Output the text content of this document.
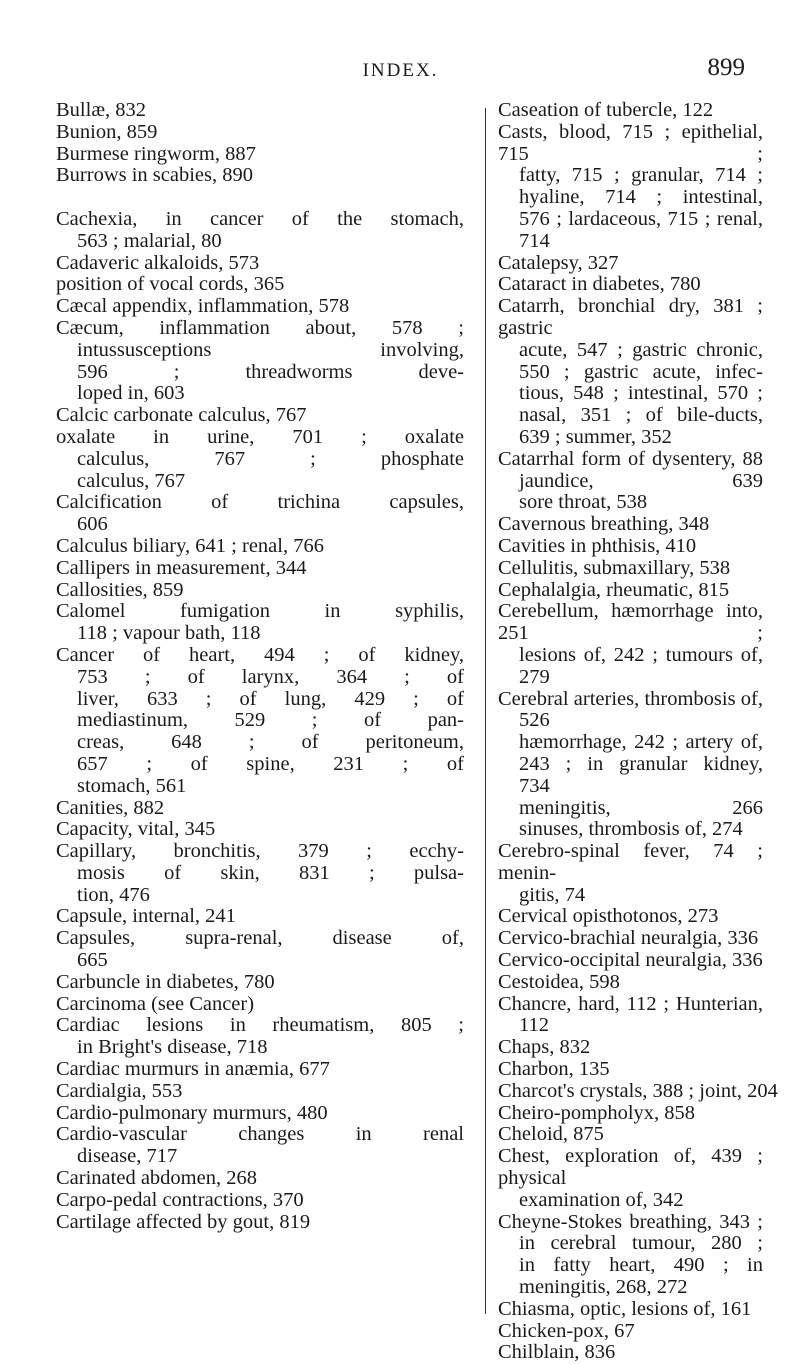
INDEX.	899
Bullæ, 832
Bunion, 859
Burmese ringworm, 887
Burrows in scabies, 890
Cachexia, in cancer of the stomach,
563 ; malarial, 80
Cadaveric alkaloids, 573
position of vocal cords, 365
Cæcal appendix, inflammation, 578
Cæcum, inflammation about, 578 ;
intussusceptions involving,
596 ; threadworms deve-
loped in, 603
Calcic carbonate calculus, 767
oxalate in urine, 701 ; oxalate
calculus, 767 ; phosphate
calculus, 767
Calcification of trichina capsules,
606
Calculus biliary, 641 ; renal, 766
Callipers in measurement, 344
Callosities, 859
Calomel fumigation in syphilis,
118 ; vapour bath, 118
Cancer of heart, 494 ; of kidney,
753 ; of larynx, 364 ; of
liver, 633 ; of lung, 429 ; of
mediastinum, 529 ; of pan-
creas, 648 ; of peritoneum,
657 ; of spine, 231 ; of
stomach, 561
Canities, 882
Capacity, vital, 345
Capillary, bronchitis, 379 ; ecchy-
mosis of skin, 831 ; pulsa-
tion, 476
Capsule, internal, 241
Capsules, supra-renal, disease of,
665
Carbuncle in diabetes, 780
Carcinoma (see Cancer)
Cardiac lesions in rheumatism, 805 ;
in Bright's disease, 718
Cardiac murmurs in anæmia, 677
Cardialgia, 553
Cardio-pulmonary murmurs, 480
Cardio-vascular changes in renal
disease, 717
Carinated abdomen, 268
Carpo-pedal contractions, 370
Cartilage affected by gout, 819
Caseation of tubercle, 122
Casts, blood, 715 ; epithelial, 715 ;
fatty, 715 ; granular, 714 ;
hyaline, 714 ; intestinal,
576 ; lardaceous, 715 ; renal,
714
Catalepsy, 327
Cataract in diabetes, 780
Catarrh, bronchial dry, 381 ; gastric
acute, 547 ; gastric chronic,
550 ; gastric acute, infec-
tious, 548 ; intestinal, 570 ;
nasal, 351 ; of bile-ducts,
639 ; summer, 352
Catarrhal form of dysentery, 88
jaundice, 639
sore throat, 538
Cavernous breathing, 348
Cavities in phthisis, 410
Cellulitis, submaxillary, 538
Cephalalgia, rheumatic, 815
Cerebellum, hæmorrhage into, 251 ;
lesions of, 242 ; tumours of,
279
Cerebral arteries, thrombosis of,
526
hæmorrhage, 242 ; artery of,
243 ; in granular kidney,
734
meningitis, 266
sinuses, thrombosis of, 274
Cerebro-spinal fever, 74 ; menin-
gitis, 74
Cervical opisthotonos, 273
Cervico-brachial neuralgia, 336
Cervico-occipital neuralgia, 336
Cestoidea, 598
Chancre, hard, 112 ; Hunterian,
112
Chaps, 832
Charbon, 135
Charcot's crystals, 388 ; joint, 204
Cheiro-pompholyx, 858
Cheloid, 875
Chest, exploration of, 439 ; physical
examination of, 342
Cheyne-Stokes breathing, 343 ;
in cerebral tumour, 280 ;
in fatty heart, 490 ; in
meningitis, 268, 272
Chiasma, optic, lesions of, 161
Chicken-pox, 67
Chilblain, 836
